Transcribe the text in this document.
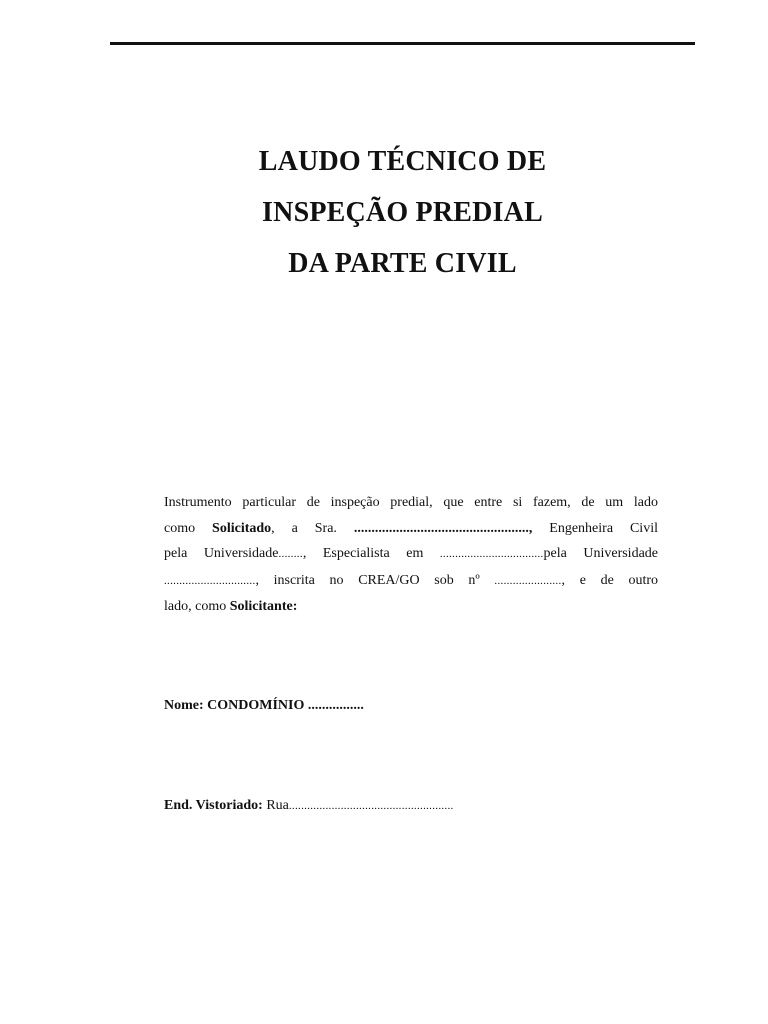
LAUDO TÉCNICO DE
INSPEÇÃO PREDIAL
DA PARTE CIVIL
Instrumento particular de inspeção predial, que entre si fazem, de um lado
como Solicitado, a Sra. .................................................., Engenheira Civil
pela Universidade........, Especialista em ..................................pela Universidade
.............................., inscrita no CREA/GO sob nº ......................, e de outro
lado, como Solicitante:
Nome: CONDOMÍNIO ................
End. Vistoriado: Rua......................................................
